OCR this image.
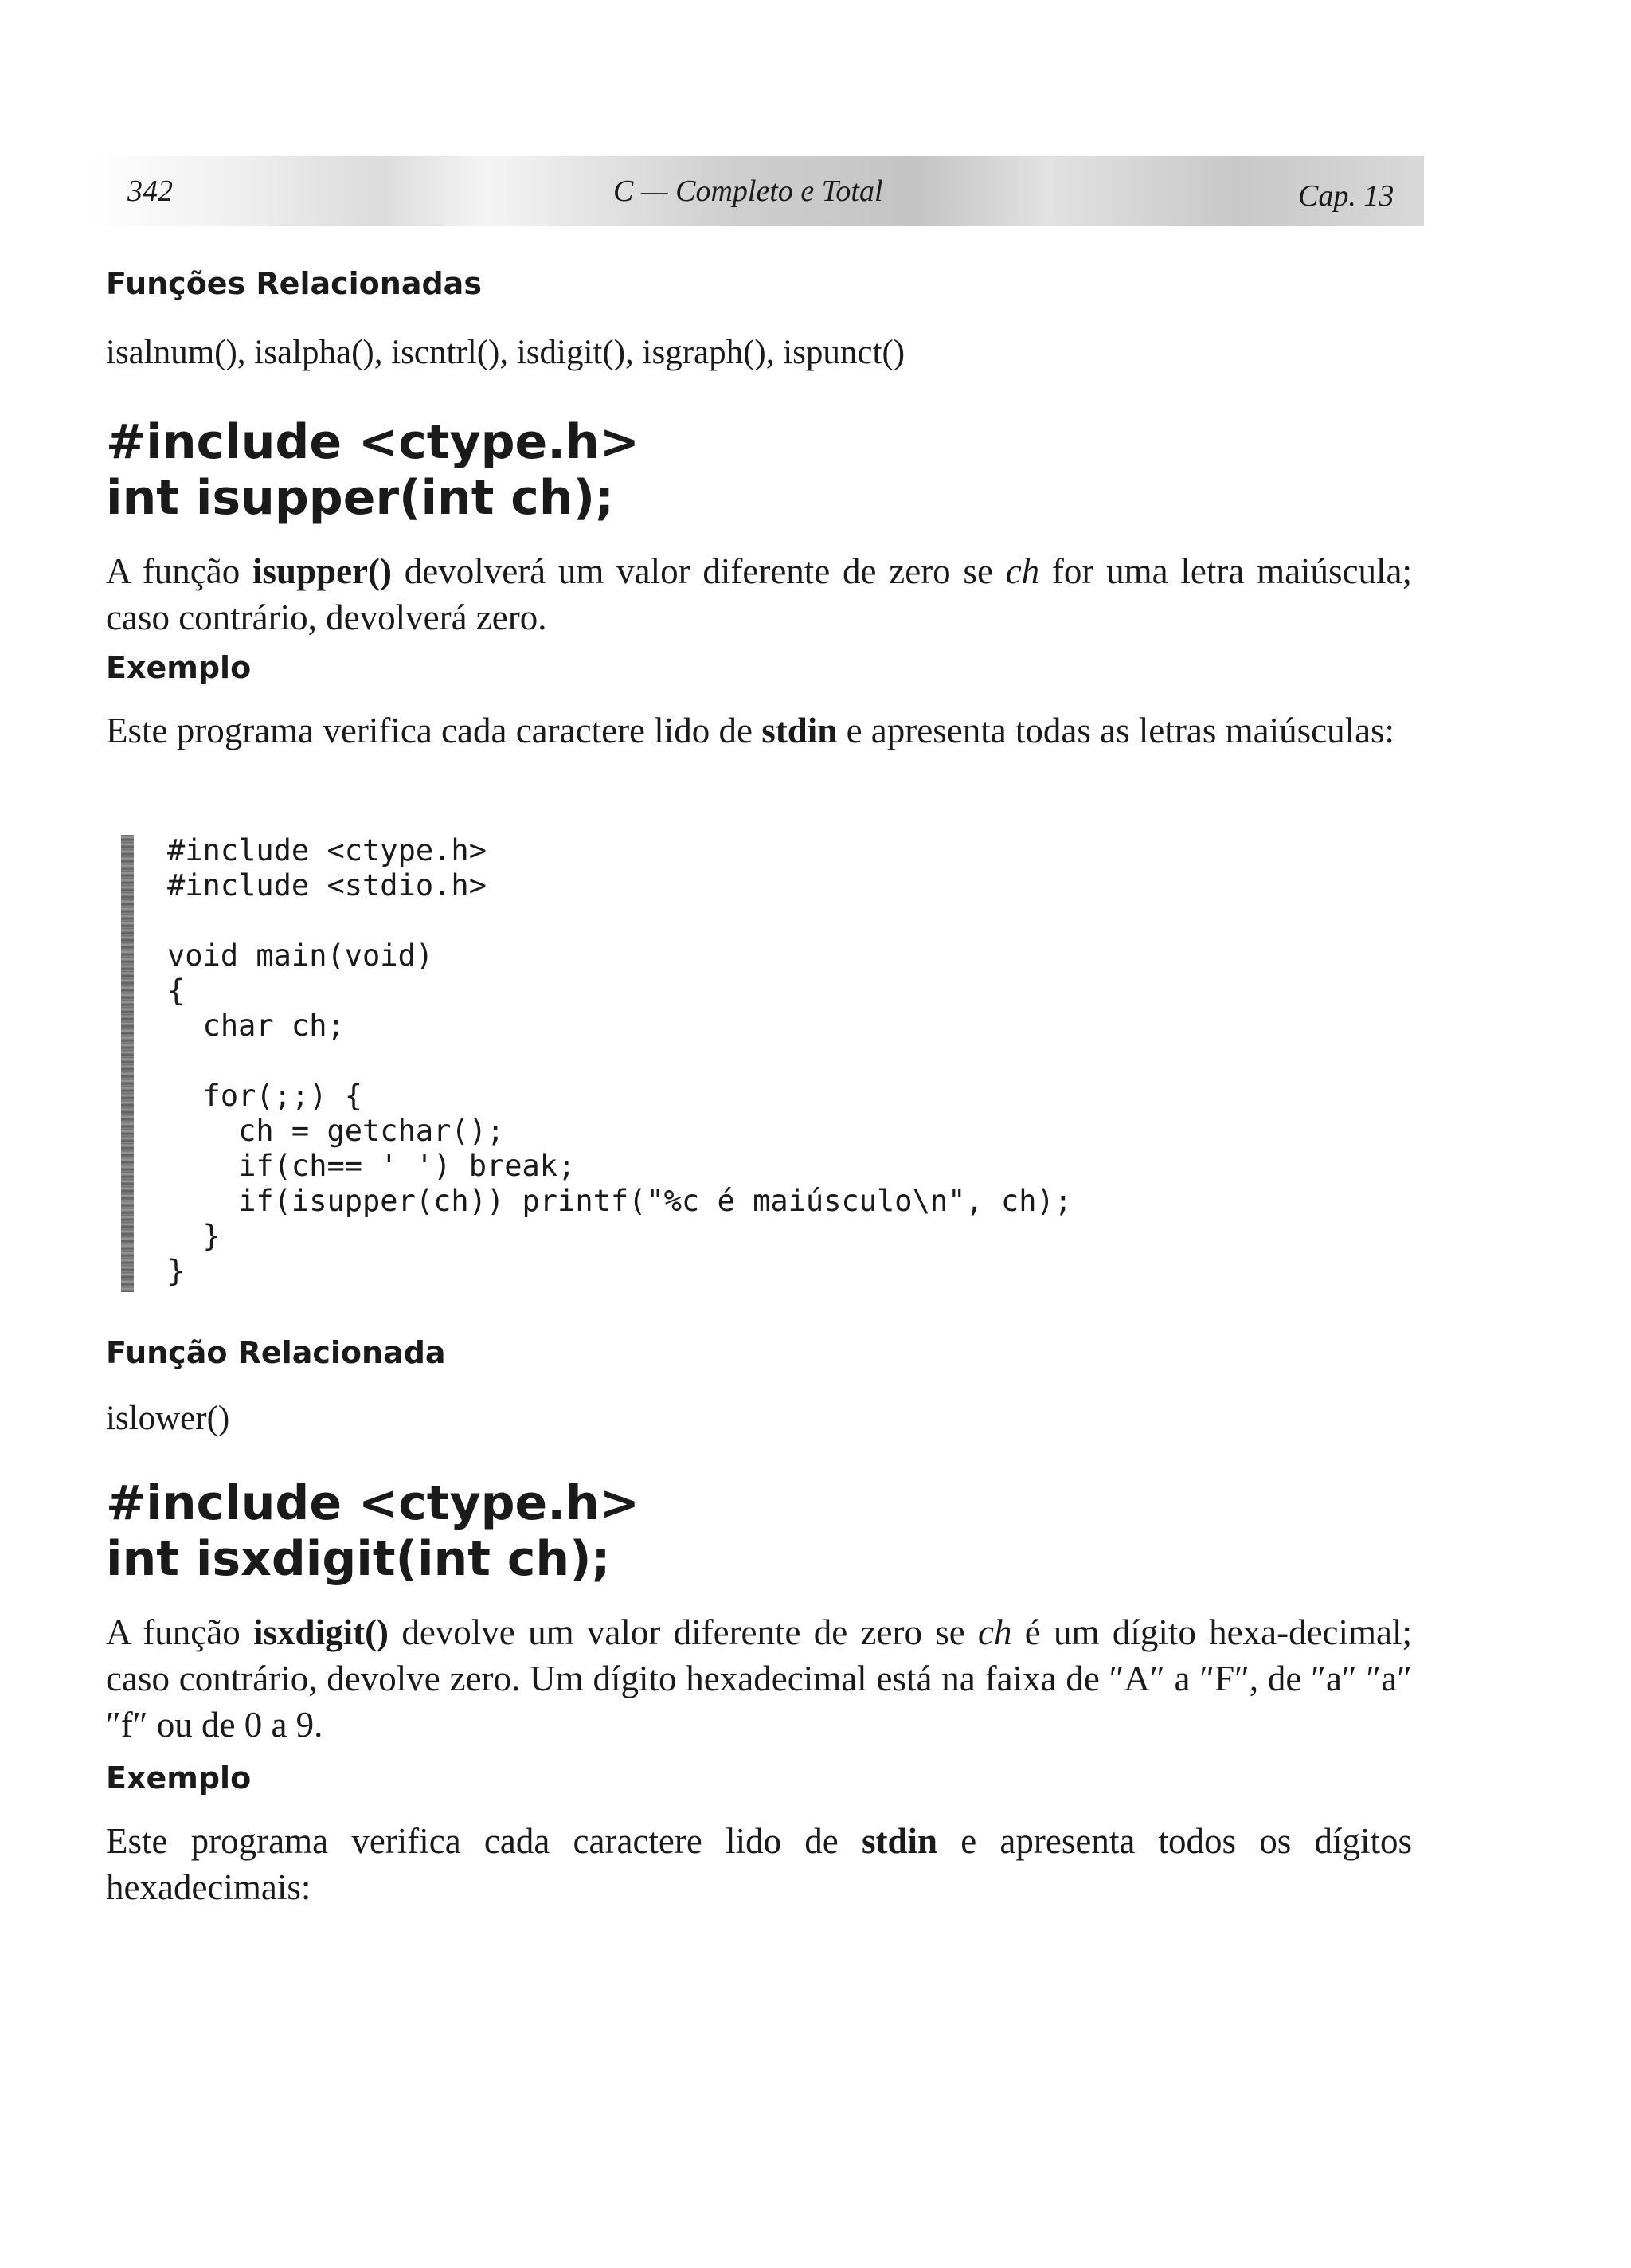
342	C — Completo e Total	Cap. 13
Funções Relacionadas
isalnum(), isalpha(), iscntrl(), isdigit(), isgraph(), ispunct()
#include <ctype.h>
int isupper(int ch);
A função isupper() devolverá um valor diferente de zero se ch for uma letra maiúscula; caso contrário, devolverá zero.
Exemplo
Este programa verifica cada caractere lido de stdin e apresenta todas as letras maiúsculas:
#include <ctype.h>
#include <stdio.h>

void main(void)
{
char ch;

for(;;) {
ch = getchar();
if(ch== ' ') break;
if(isupper(ch)) printf("%c é maiúsculo\n", ch);
}
}
Função Relacionada
islower()
#include <ctype.h>
int isxdigit(int ch);
A função isxdigit() devolve um valor diferente de zero se ch é um dígito hexa-decimal; caso contrário, devolve zero. Um dígito hexadecimal está na faixa de ″A″ a ″F″, de ″a″ ″a″ ″f″ ou de 0 a 9.
Exemplo
Este programa verifica cada caractere lido de stdin e apresenta todos os dígitos hexadecimais:
